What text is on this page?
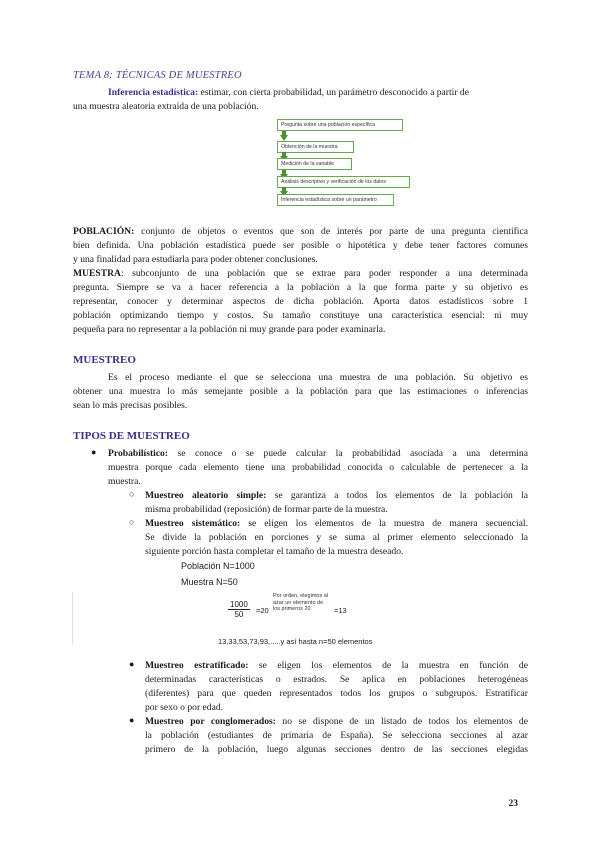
TEMA 8: TÉCNICAS DE MUESTREO
Inferencia estadística: estimar, con cierta probabilidad, un parámetro desconocido a partir de
una muestra aleatoria extraída de una población.
Pregunta sobre una población específica
Obtención de la muestra
Medición de la variable
Análisis descriptivo y verificación de los datos
Inferencia estadística sobre un parámetro
POBLACIÓN: conjunto de objetos o eventos que son de interés por parte de una pregunta científica
bien definida. Una población estadística puede ser posible o hipotética y debe tener factores comunes
y una finalidad para estudiarla para poder obtener conclusiones.
MUESTRA: subconjunto de una población que se extrae para poder responder a una determinada
pregunta. Siempre se va a hacer referencia a la población a la que forma parte y su objetivo es
representar, conocer y determinar aspectos de dicha población. Aporta datos estadísticos sobre 1
población optimizando tiempo y costos. Su tamaño constituye una característica esencial: ni muy
pequeña para no representar a la población ni muy grande para poder examinarla.
MUESTREO
Es el proceso mediante el que se selecciona una muestra de una población. Su objetivo es
obtener una muestra lo más semejante posible a la población para que las estimaciones o inferencias
sean lo más precisas posibles.
TIPOS DE MUESTREO
● Probabilístico: se conoce o se puede calcular la probabilidad asociada a una determina
muestra porque cada elemento tiene una probabilidad conocida o calculable de pertenecer a la
muestra.
○ Muestreo aleatorio simple: se garantiza a todos los elementos de la población la
misma probabilidad (reposición) de formar parte de la muestra.
○ Muestreo sistemático: se eligen los elementos de la muestra de manera secuencial.
Se divide la población en porciones y se suma al primer elemento seleccionado la
siguiente porción hasta completar el tamaño de la muestra deseado.
Población N=1000
Muestra N=50
$\frac{1000}{50} =20$
Por orden, elegimos al azar un elemento de los primeros 20	=13
13,33,53,73,93,.....y así hasta n=50 elementos
● Muestreo estratificado: se eligen los elementos de la muestra en función de
determinadas características o estrados. Se aplica en poblaciones heterogéneas
(diferentes) para que queden representados todos los grupos o subgrupos. Estratificar
por sexo o por edad.
● Muestreo por conglomerados: no se dispone de un listado de todos los elementos de
la población (estudiantes de primaria de España). Se selecciona secciones al azar
primero de la población, luego algunas secciones dentro de las secciones elegidas
23
